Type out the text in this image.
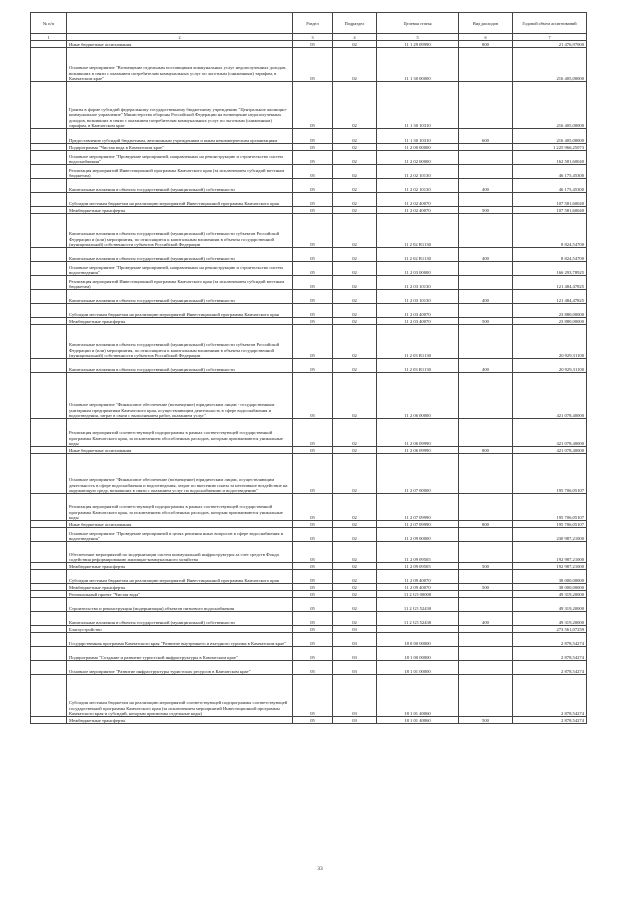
№ п/п		Раздел	Подраздел	Целевая статья	Вид расходов	Годовой объем ассигнований
1	2	3	4	5	6	7
	Иные бюджетные ассигнования	05	02	11 1 29 09990	800	21 476,97000
	Основное мероприятие "Возмещение отдельным поставщикам коммунальных услуг недополученных доходов, возникших в связи с оказанием потребителям коммунальных услуг по льготным (сниженным) тарифам, в Камчатском крае"	05	02	11 1 30 00000		216 405,00000
	Гранты в форме субсидий федеральному государственному бюджетному учреждению "Центральное жилищно-коммунальное управление" Министерства обороны Российской Федерации на возмещение недополученных доходов, возникших в связи с оказанием потребителям коммунальных услуг по льготным (сниженным) тарифам, в Камчатском крае	05	02	11 1 30 10310		216 405,00000
	Предоставление субсидий бюджетным, автономным учреждениям и иным некоммерческим организациям	05	02	11 1 30 10310	600	216 405,00000
	Подпрограмма "Чистая вода в Камчатском крае"	05	02	11 2 00 00000		1 225 966,25073
	Основное мероприятие "Проведение мероприятий, направленных на реконструкцию и строительство систем водоснабжения"	05	02	11 2 02 00000		162 581,60040
	Реализация мероприятий Инвестиционной программы Камчатского края (за исключением субсидий местным бюджетам)	05	02	11 2 02 10130		46 175,45300
	Капитальные вложения в объекты государственной (муниципальной) собственности	05	02	11 2 02 10130	400	46 175,45300
	Субсидии местным бюджетам на реализацию мероприятий Инвестиционной программы Камчатского края	05	02	11 2 02 40070		107 581,60040
	Межбюджетные трансферты	05	02	11 2 02 40070	500	107 581,60040
	Капитальные вложения в объекты государственной (муниципальной) собственности субъектов Российской Федерации и (или) мероприятия, по относящиеся к капитальным вложениям в объекты государственной (муниципальной) собственности субъектов Российской Федерации	05	02	11 2 02 R1130		8 824,54700
	Капитальные вложения в объекты государственной (муниципальной) собственности	05	02	11 2 02 R1130	400	8 824,54700
	Основное мероприятие "Проведение мероприятий, направленных на реконструкцию и строительство систем водоотведения"	05	02	11 2 03 00000		166 293,78925
	Реализация мероприятий Инвестиционной программы Камчатского края (за исключением субсидий местным бюджетам)	05	02	11 2 03 10130		121 484,47825
	Капитальные вложения в объекты государственной (муниципальной) собственности	05	02	11 2 03 10130	400	121 484,47825
	Субсидии местным бюджетам на реализацию мероприятий Инвестиционной программы Камчатского края	05	02	11 2 03 40070		23 880,00000
	Межбюджетные трансферты	05	02	11 2 03 40070	500	23 880,00000
	Капитальные вложения в объекты государственной (муниципальной) собственности субъектов Российской Федерации и (или) мероприятия, по относящиеся к капитальным вложениям в объекты государственной (муниципальной) собственности субъектов Российской Федерации	05	02	11 2 03 R1130		20 929,31100
	Капитальные вложения в объекты государственной (муниципальной) собственности	05	02	11 2 03 R1130	400	20 929,31100
	Основное мероприятие "Финансовое обеспечение (возмещение) юридическим лицам - государственным унитарным предприятиям Камчатского края, осуществляющим деятельность в сфере водоснабжения и водоотведения, затрат в связи с выполнением работ, оказанием услуг"	05	02	11 2 06 00000		421 078,40000
	Реализация мероприятий соответствующей подпрограммы в рамках соответствующей государственной программы Камчатского края, за исключением обособленных расходов, которым присваиваются уникальные коды	05	02	11 2 06 09990		421 078,40000
	Иные бюджетные ассигнования	05	02	11 2 06 09990	800	421 078,40000
	Основное мероприятие "Финансовое обеспечение (возмещение) юридическим лицам, осуществляющим деятельность в сфере водоснабжения и водоотведения, затрат по внесению платы за негативное воздействие на окружающую среду, возникших в связи с оказанием услуг по водоснабжению и водоотведению"	05	02	11 2 07 00000		195 706,05107
	Реализация мероприятий соответствующей подпрограммы в рамках соответствующей государственной программы Камчатского края, за исключением обособленных расходов, которым присваиваются уникальные коды	05	02	11 2 07 09990		195 706,05107
	Иные бюджетные ассигнования	05	02	11 2 07 09990	800	195 706,05107
	Основное мероприятие "Проведение мероприятий в целях решения иных вопросов в сфере водоснабжения и водоотведения"	05	02	11 2 09 00000		230 987,21000
	Обеспечение мероприятий по модернизации систем коммунальной инфраструктуры за счет средств Фонда содействия реформированию жилищно-коммунального хозяйства	05	02	11 2 09 09505		192 987,21000
	Межбюджетные трансферты	05	02	11 2 09 09505	500	192 987,21000
	Субсидии местным бюджетам на реализацию мероприятий Инвестиционной программы Камчатского края	05	02	11 2 09 40070		38 000,00000
	Межбюджетные трансферты	05	02	11 2 09 40070	500	38 000,00000
	Региональный проект "Чистая вода"	05	02	11 2 G5 00000		49 319,20000
	Строительство и реконструкция (модернизация) объектов питьевого водоснабжения	05	02	11 2 G5 52430		49 319,20000
	Капитальные вложения в объекты государственной (муниципальной) собственности	05	02	11 2 G5 52430	400	49 319,20000
	Благоустройство	05	03			273 561,07259
	Государственная программа Камчатского края "Развитие внутреннего и въездного туризма в Камчатском крае"	05	03	18 0 00 00000		2 878,54274
	Подпрограмма "Создание и развитие туристской инфраструктуры в Камчатском крае"	05	03	18 1 00 00000		2 878,54274
	Основное мероприятие "Развитие инфраструктуры туристских ресурсов в Камчатском крае"	05	03	18 1 01 00000		2 878,54274
	Субсидии местным бюджетам на реализацию мероприятий соответствующей подпрограммы соответствующей государственной программы Камчатского края (за исключением мероприятий Инвестиционной программы Камчатского края и субсидий, которым присвоены отдельные коды)	05	03	18 1 01 40060		2 878,54274
	Межбюджетные трансферты	05	03	18 1 01 40060	500	2 878,54274
33
